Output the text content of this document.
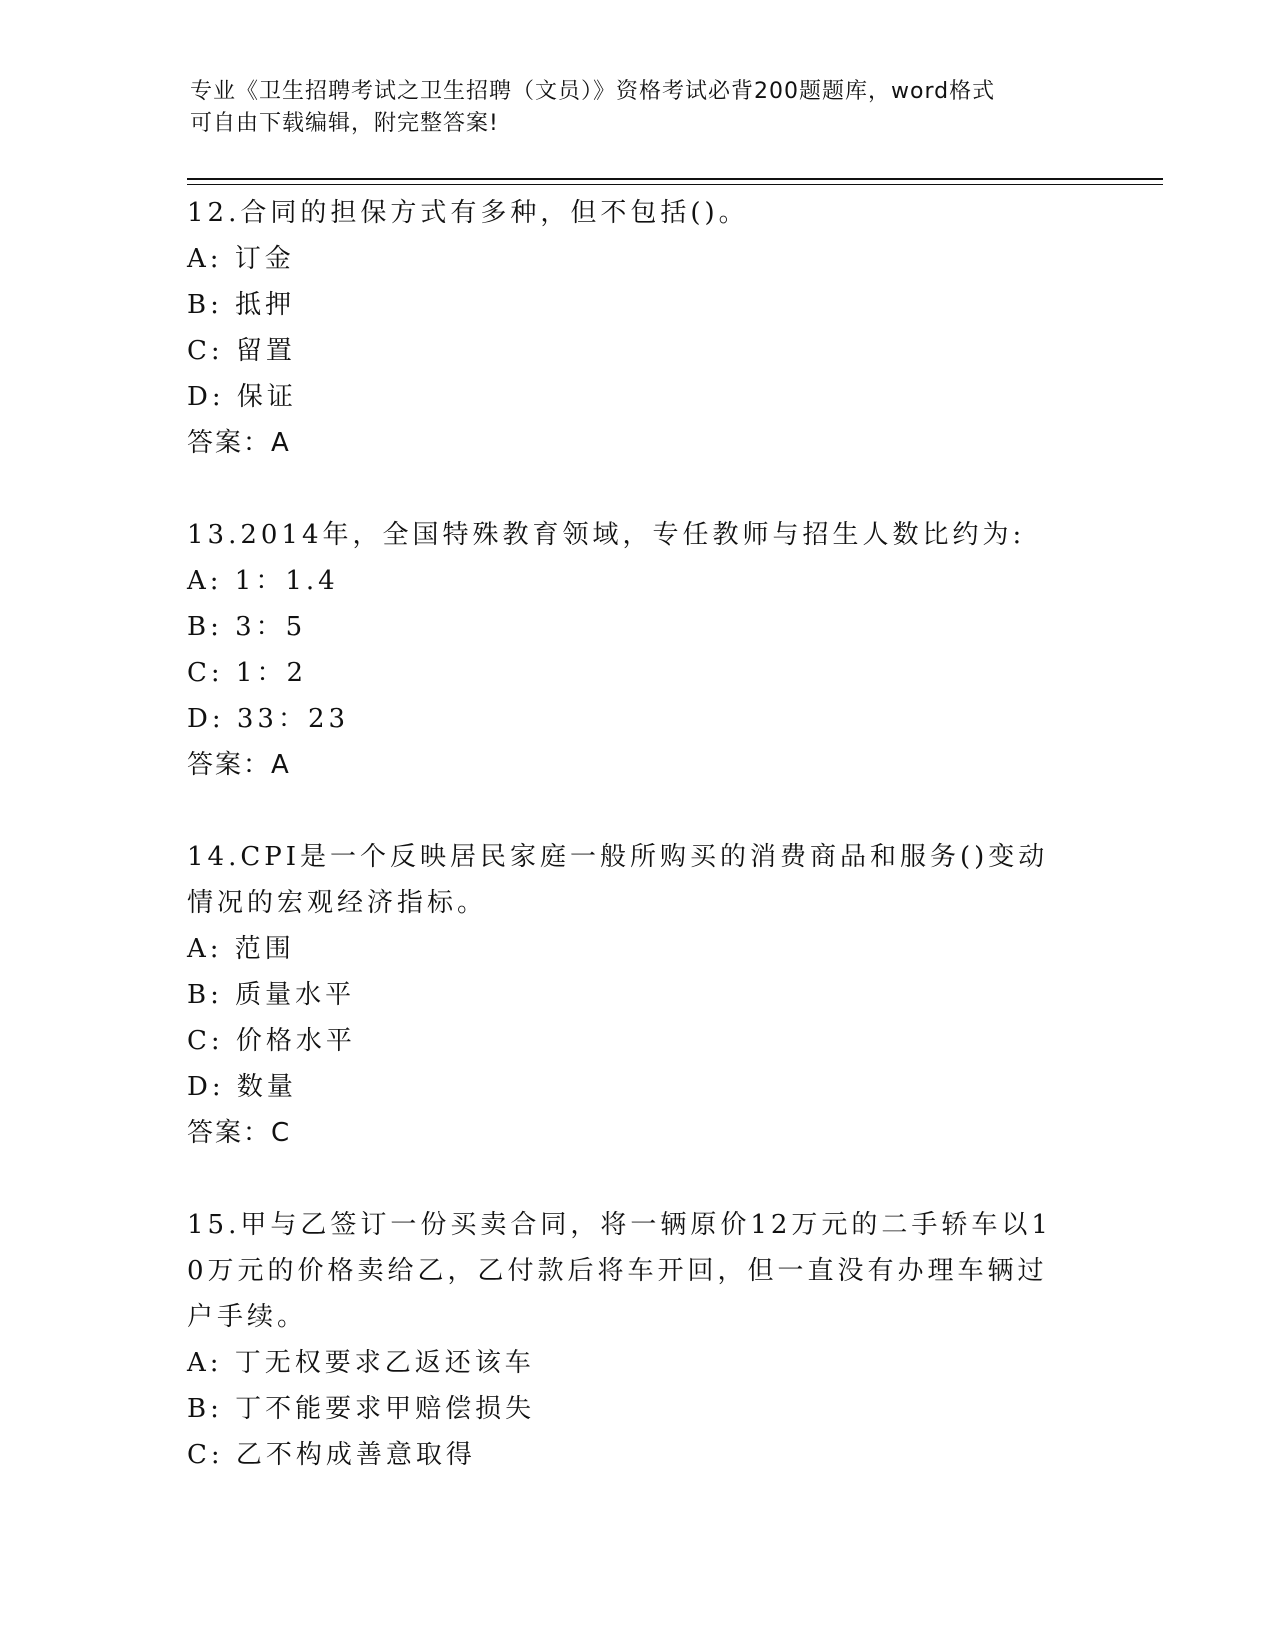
专业《卫生招聘考试之卫生招聘（文员）》资格考试必背200题题库，word格式
可自由下载编辑，附完整答案!
12.合同的担保方式有多种，但不包括()。
A: 订金
B: 抵押
C: 留置
D: 保证
答案：A
13.2014年，全国特殊教育领域，专任教师与招生人数比约为:
A: 1：1.4
B: 3：5
C: 1：2
D: 33：23
答案：A
14.CPI是一个反映居民家庭一般所购买的消费商品和服务()变动情况的宏观经济指标。
A: 范围
B: 质量水平
C: 价格水平
D: 数量
答案：C
15.甲与乙签订一份买卖合同，将一辆原价12万元的二手轿车以10万元的价格卖给乙，乙付款后将车开回，但一直没有办理车辆过户手续。
A: 丁无权要求乙返还该车
B: 丁不能要求甲赔偿损失
C: 乙不构成善意取得
